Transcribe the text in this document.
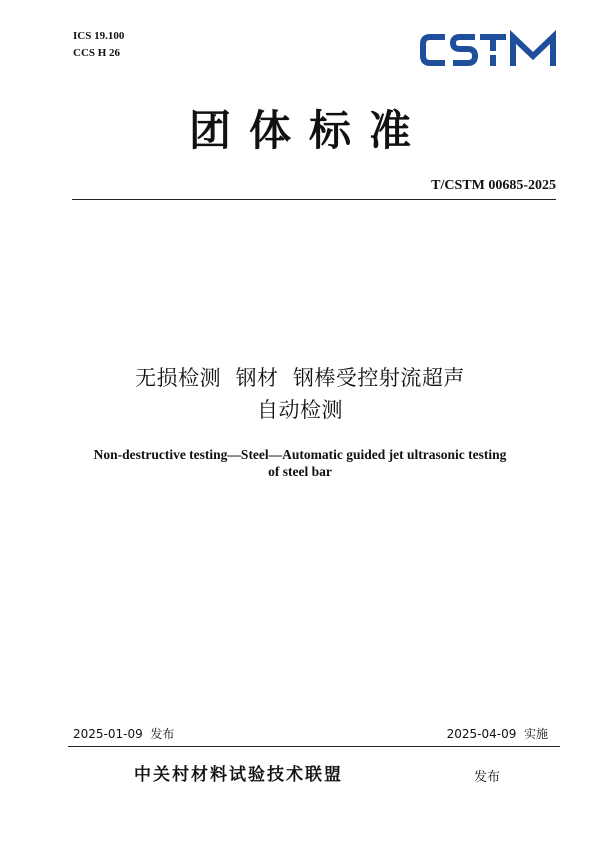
ICS 19.100
CCS H 26
团体标准
T/CSTM 00685-2025
无损检测  钢材  钢棒受控射流超声
自动检测
Non-destructive testing—Steel—Automatic guided jet ultrasonic testing
of steel bar
2025-01-09  发布	2025-04-09  实施
中关村材料试验技术联盟	发布
